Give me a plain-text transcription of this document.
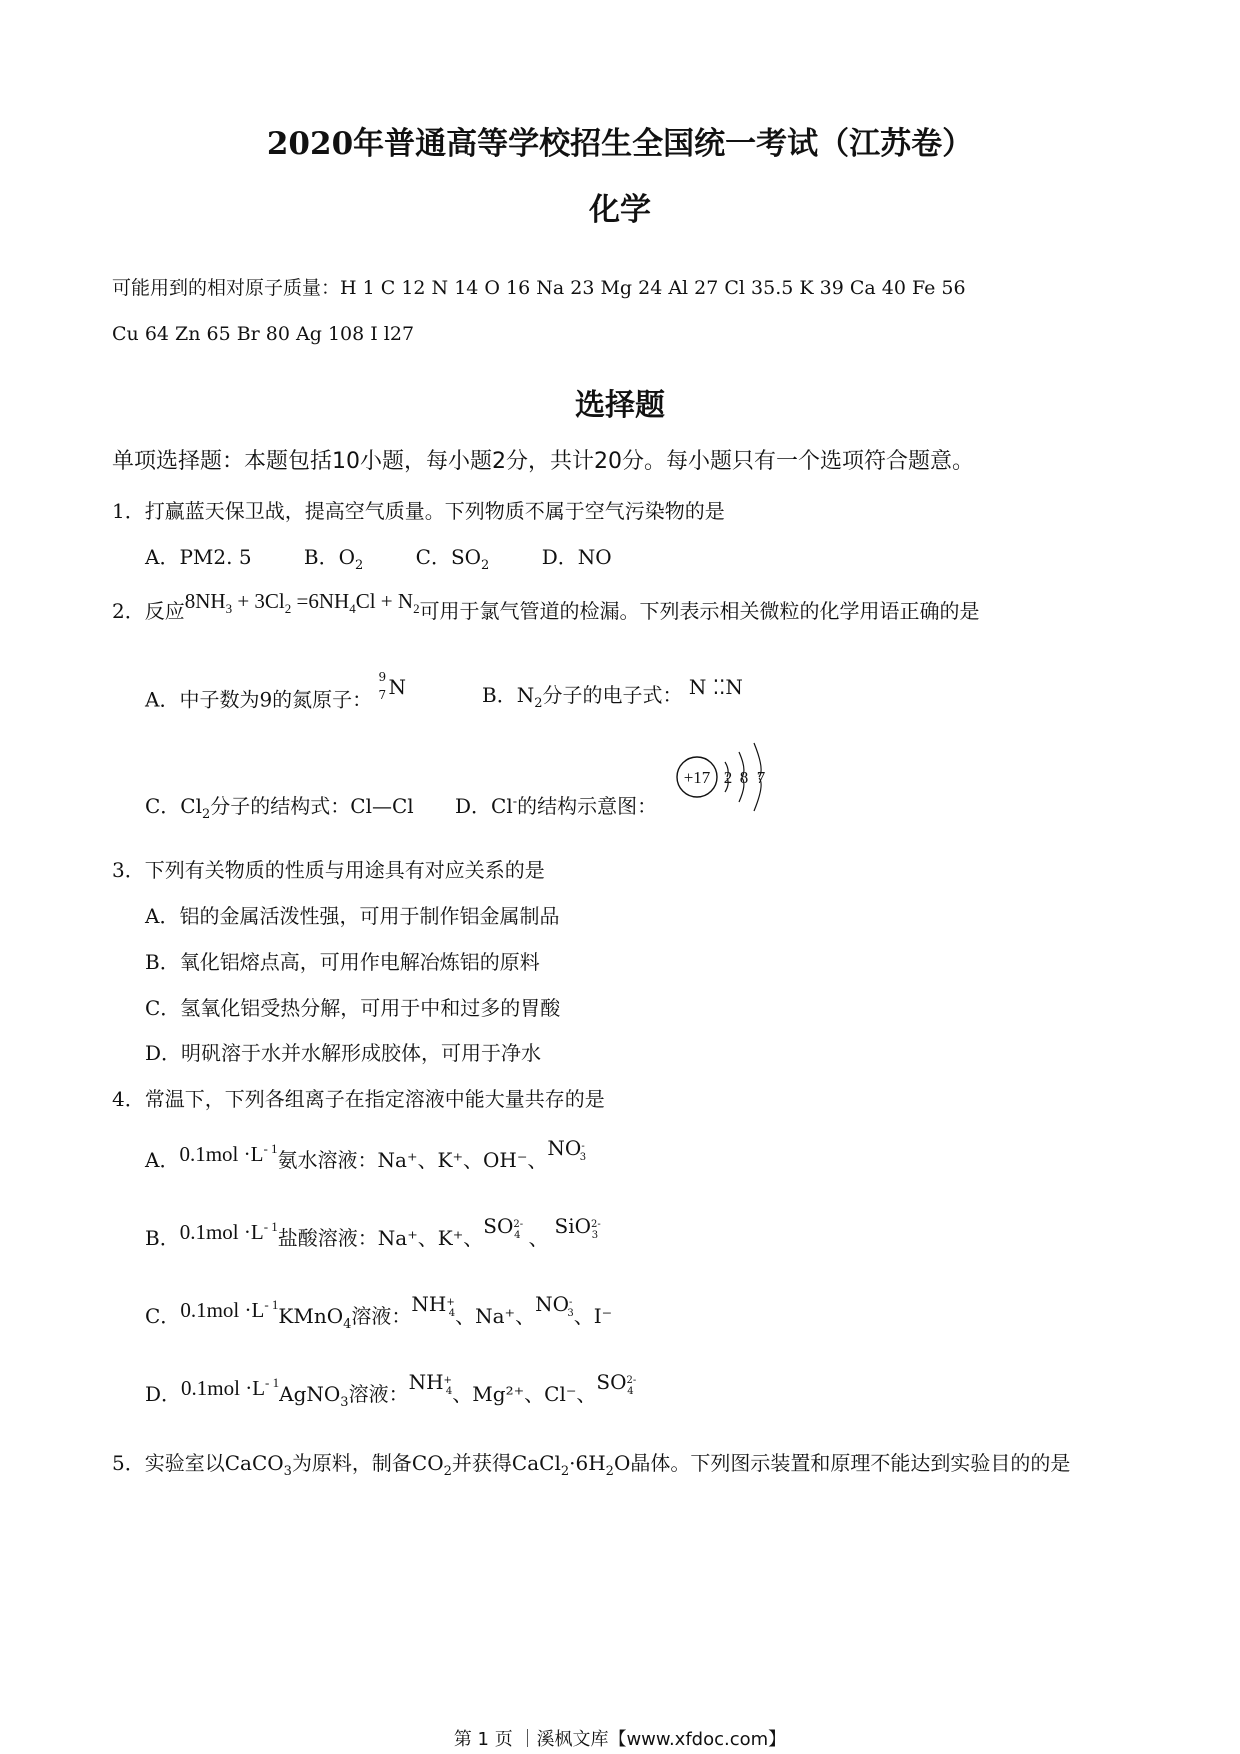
2020年普通高等学校招生全国统一考试（江苏卷）
化学
可能用到的相对原子质量：H 1 C 12 N 14 O 16 Na 23 Mg 24 Al 27 Cl 35.5 K 39 Ca 40 Fe 56
Cu 64 Zn 65 Br 80 Ag 108 I l27
选择题
单项选择题：本题包括10小题，每小题2分，共计20分。每小题只有一个选项符合题意。
1．打赢蓝天保卫战，提高空气质量。下列物质不属于空气污染物的是
A．PM2. 5	B．$O_2$	C．$SO_2$	D．NO
2．反应$8NH_3 + 3Cl_2 =6NH_4Cl + N_2$可用于氯气管道的检漏。下列表示相关微粒的化学用语正确的是
A．中子数为9的氮原子：
9
7 N	B．$N_2$分子的电子式： N ⁚⁚N
C．$Cl_2$分子的结构式：Cl—Cl D．Cl-的结构示意图：
+17 2 8 7
3．下列有关物质的性质与用途具有对应关系的是
A．铝的金属活泼性强，可用于制作铝金属制品
B．氧化铝熔点高，可用作电解冶炼铝的原料
C．氢氧化铝受热分解，可用于中和过多的胃酸
D．明矾溶于水并水解形成胶体，可用于净水
4．常温下，下列各组离子在指定溶液中能大量共存的是
A．$0.1mol \cdot L^{- 1}$氨水溶液：Na⁺、K⁺、OH⁻、$NO^-_3$
B．$0.1mol \cdot L^{- 1}$盐酸溶液：Na⁺、K⁺、$SO^{2-}_4$ 、 SiO$^{2-}_3$
C．$0.1mol \cdot L^{- 1}KMnO_4$溶液：$NH^+_4$、Na⁺、$NO^-_3$、I⁻
D．$0.1mol \cdot L^{- 1}AgNO_3$溶液：$NH^+_4$、Mg²⁺、Cl⁻、$SO^{2-}_4$
5．实验室以CaCO$_3$为原料，制备$CO_2$并获得$CaCl_2\cdot 6H_2O$晶体。下列图示装置和原理不能达到实验目的的是
第 1 页 ｜溪枫文库【www.xfdoc.com】
